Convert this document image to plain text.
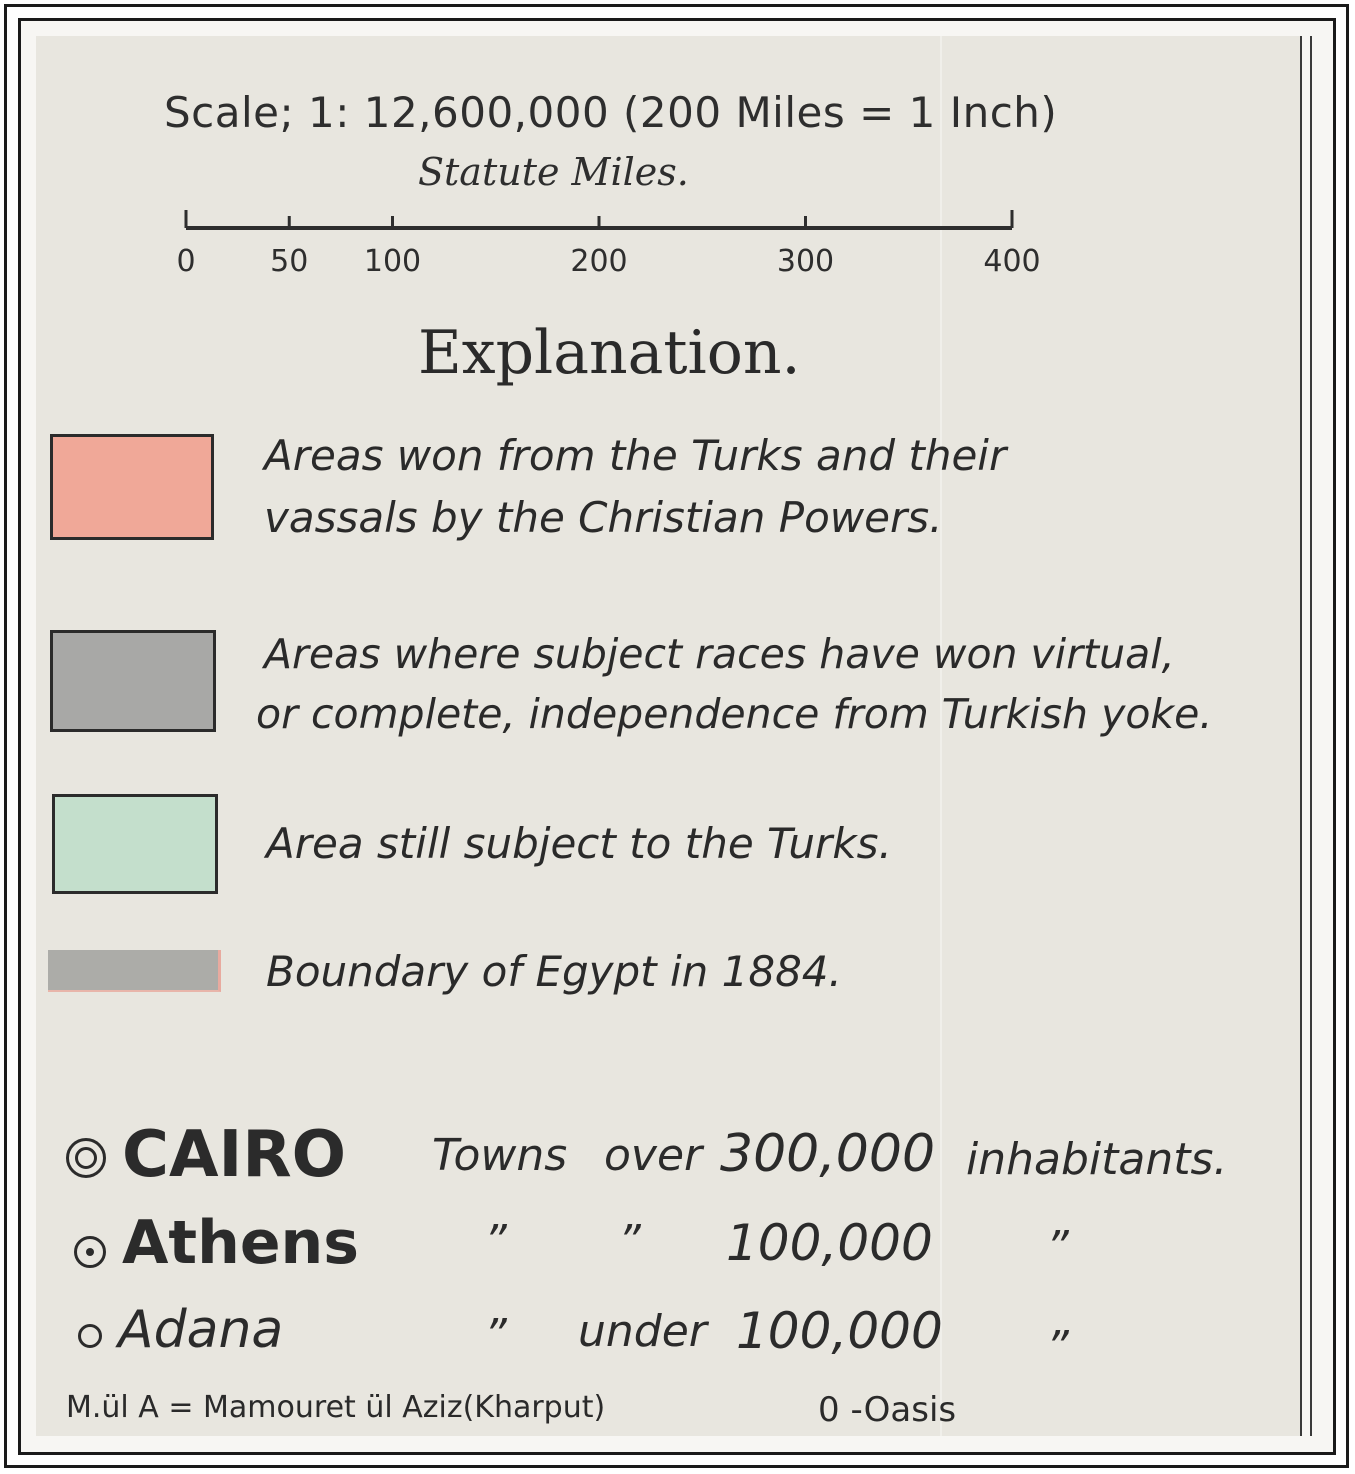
Scale; 1: 12,600,000 (200 Miles = 1 Inch)
Statute Miles.
0 50 100	200	300	400
Explanation.
Areas won from the Turks and their
vassals by the Christian Powers.
Areas where subject races have won virtual,
or complete, independence from Turkish yoke.
Area still subject to the Turks.
Boundary of Egypt in 1884.
CAIRO Towns over 300,000 inhabitants.
Athens	”	” 100,000	”
Adana	” under 100,000 ”
M.ül A = Mamouret ül Aziz(Kharput)	0 -Oasis
